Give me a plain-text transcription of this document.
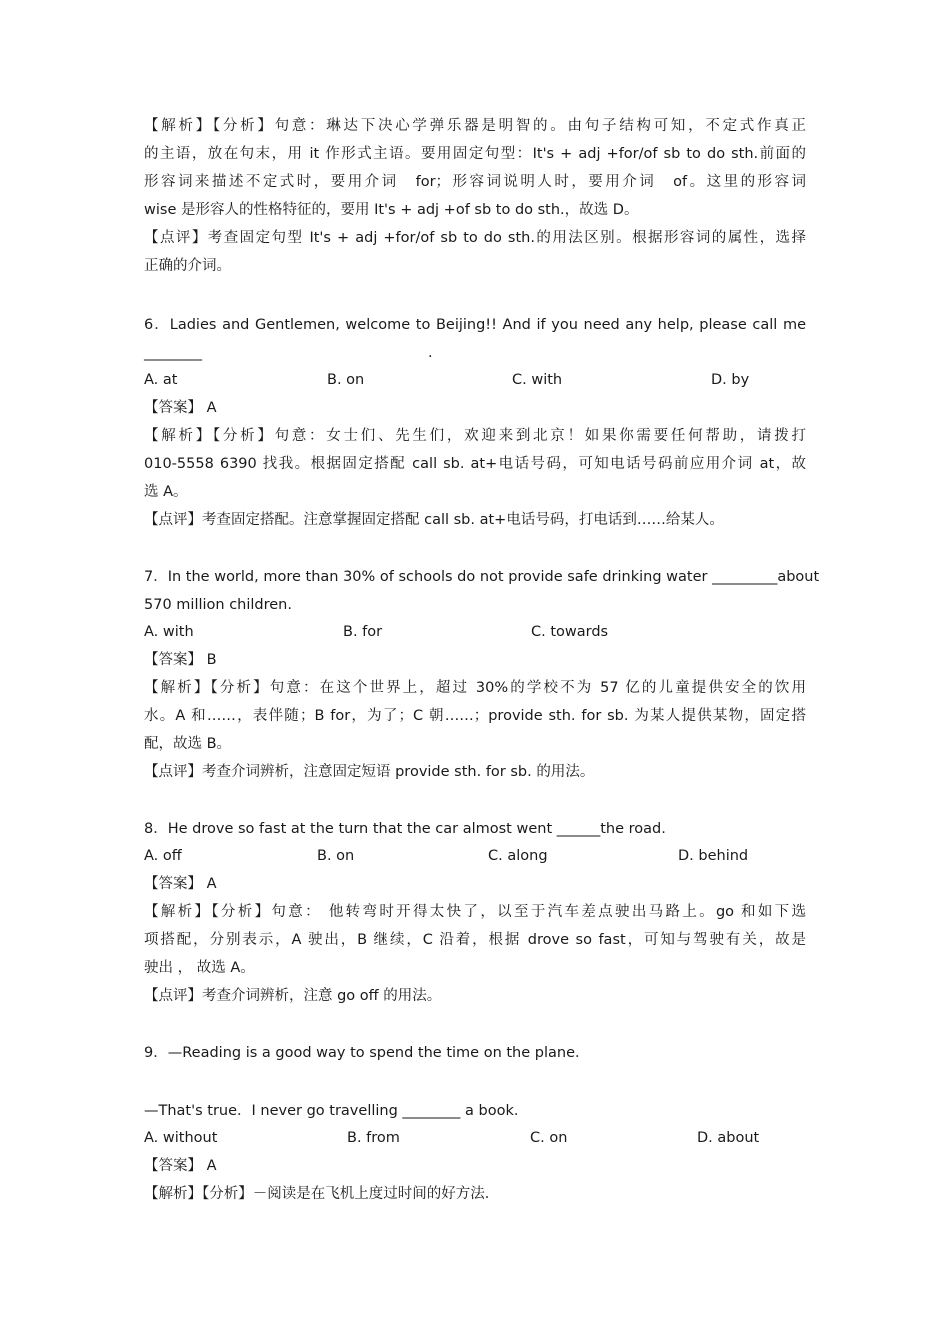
【解析】【分析】句意：琳达下决心学弹乐器是明智的。由句子结构可知，不定式作真正
的主语，放在句末，用 it 作形式主语。要用固定句型：It's + adj +for/of sb to do sth.前面的
形容词来描述不定式时，要用介词　for；形容词说明人时，要用介词　of。这里的形容词
wise 是形容人的性格特征的，要用 It's + adj +of sb to do sth.，故选 D。
【点评】考查固定句型 It's + adj +for/of sb to do sth.的用法区别。根据形容词的属性，选择
正确的介词。
6．Ladies and Gentlemen, welcome to Beijing!! And if you need any help, please call me
________	.
A. at	B. on	C. with	D. by
【答案】 A
【解析】【分析】句意：女士们、先生们，欢迎来到北京！如果你需要任何帮助，请拨打
010-5558 6390 找我。根据固定搭配 call sb. at+电话号码，可知电话号码前应用介词 at，故
选 A。
【点评】考查固定搭配。注意掌握固定搭配 call sb. at+电话号码，打电话到……给某人。
7．In the world, more than 30% of schools do not provide safe drinking water _________about
570 million children.
A. with	B. for	C. towards
【答案】 B
【解析】【分析】句意：在这个世界上，超过 30%的学校不为 57 亿的儿童提供安全的饮用
水。A 和……，表伴随；B for，为了；C 朝……；provide sth. for sb. 为某人提供某物，固定搭
配，故选 B。
【点评】考查介词辨析，注意固定短语 provide sth. for sb. 的用法。
8．He drove so fast at the turn that the car almost went ______the road.
A. off	B. on	C. along	D. behind
【答案】 A
【解析】【分析】句意： 他转弯时开得太快了，以至于汽车差点驶出马路上。go 和如下选
项搭配，分别表示，A 驶出，B 继续，C 沿着，根据 drove so fast，可知与驾驶有关，故是
驶出 ， 故选 A。
【点评】考查介词辨析，注意 go off 的用法。
9．—Reading is a good way to spend the time on the plane．
—That's true．I never go travelling ________ a book．
A. without	B. from	C. on	D. about
【答案】 A
【解析】【分析】－阅读是在飞机上度过时间的好方法．
